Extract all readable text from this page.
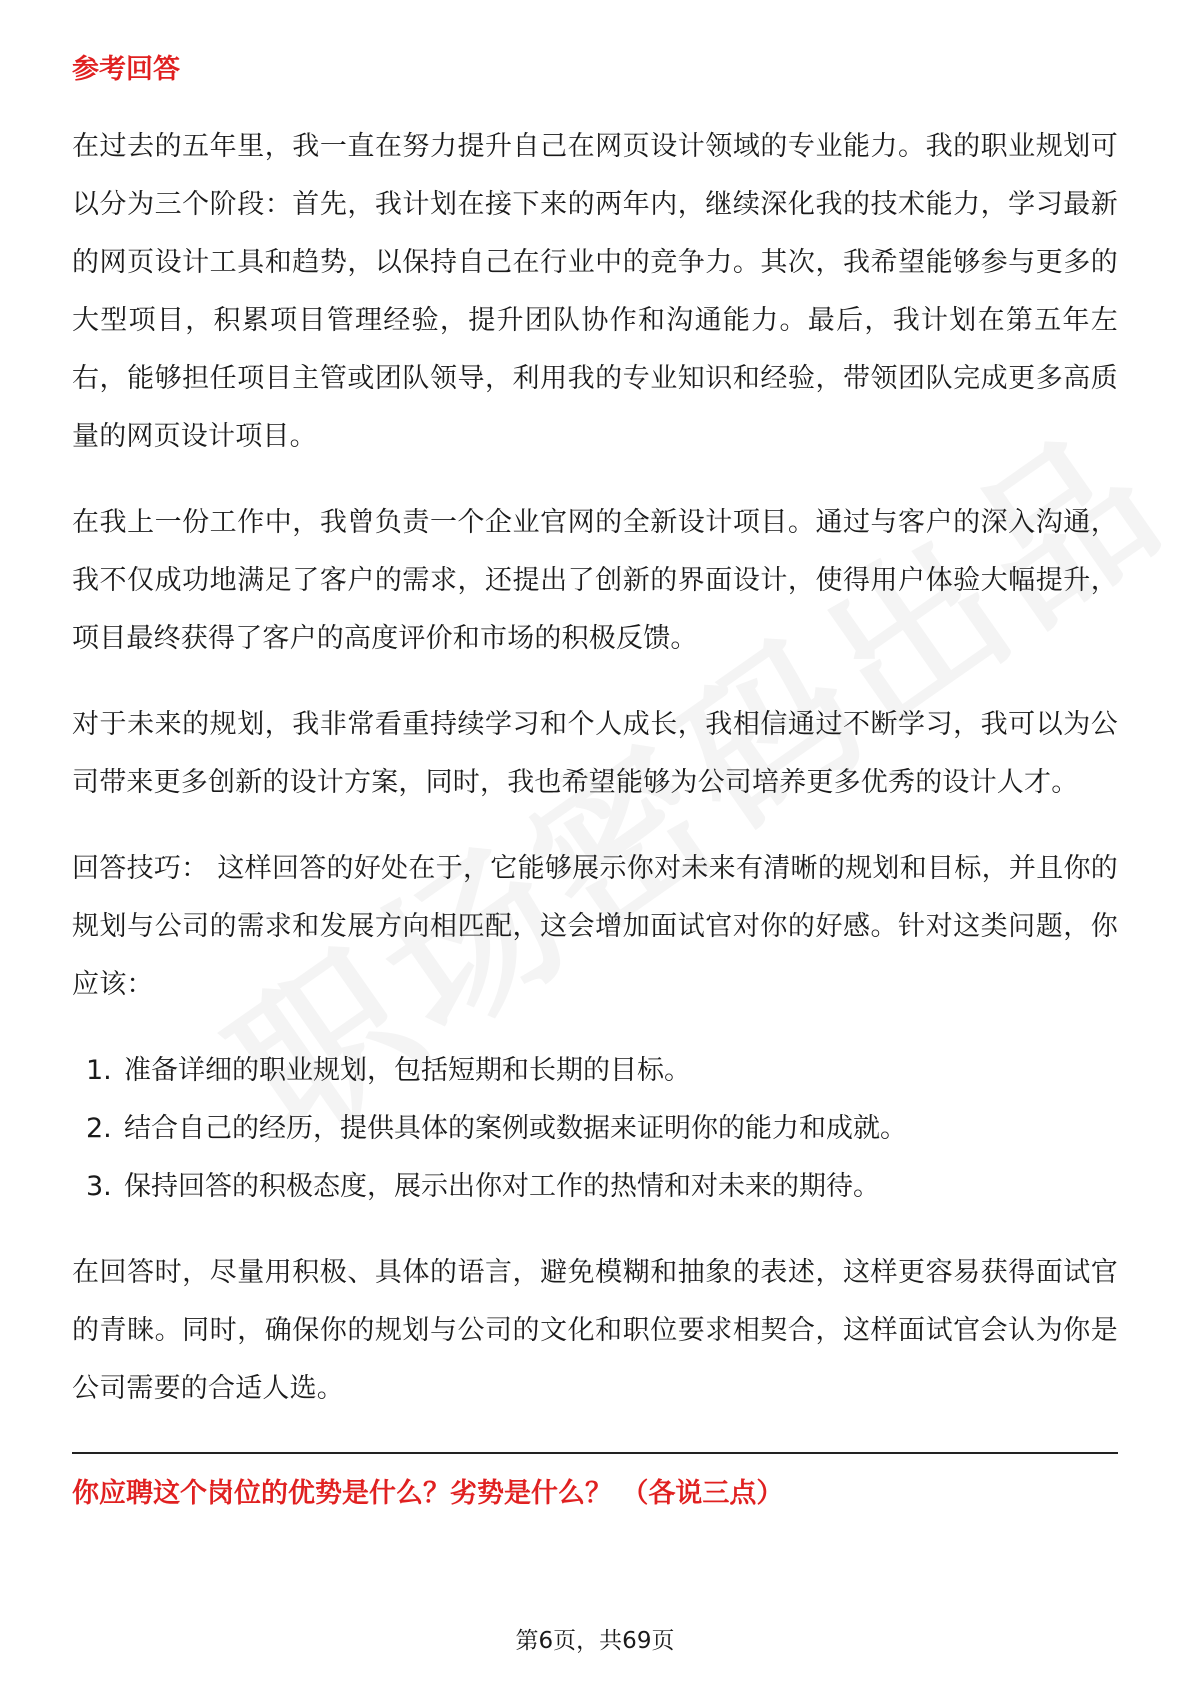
参考回答

在过去的五年里，我一直在努力提升自己在网页设计领域的专业能力。我的职业规划可以分为三个阶段：首先，我计划在接下来的两年内，继续深化我的技术能力，学习最新的网页设计工具和趋势，以保持自己在行业中的竞争力。其次，我希望能够参与更多的大型项目，积累项目管理经验，提升团队协作和沟通能力。最后，我计划在第五年左右，能够担任项目主管或团队领导，利用我的专业知识和经验，带领团队完成更多高质量的网页设计项目。

在我上一份工作中，我曾负责一个企业官网的全新设计项目。通过与客户的深入沟通，我不仅成功地满足了客户的需求，还提出了创新的界面设计，使得用户体验大幅提升，项目最终获得了客户的高度评价和市场的积极反馈。

对于未来的规划，我非常看重持续学习和个人成长，我相信通过不断学习，我可以为公司带来更多创新的设计方案，同时，我也希望能够为公司培养更多优秀的设计人才。

回答技巧： 这样回答的好处在于，它能够展示你对未来有清晰的规划和目标，并且你的规划与公司的需求和发展方向相匹配，这会增加面试官对你的好感。针对这类问题，你应该：

1. 准备详细的职业规划，包括短期和长期的目标。
2. 结合自己的经历，提供具体的案例或数据来证明你的能力和成就。
3. 保持回答的积极态度，展示出你对工作的热情和对未来的期待。

在回答时，尽量用积极、具体的语言，避免模糊和抽象的表述，这样更容易获得面试官的青睐。同时，确保你的规划与公司的文化和职位要求相契合，这样面试官会认为你是公司需要的合适人选。

你应聘这个岗位的优势是什么？劣势是什么？ （各说三点）
第6页，共69页
